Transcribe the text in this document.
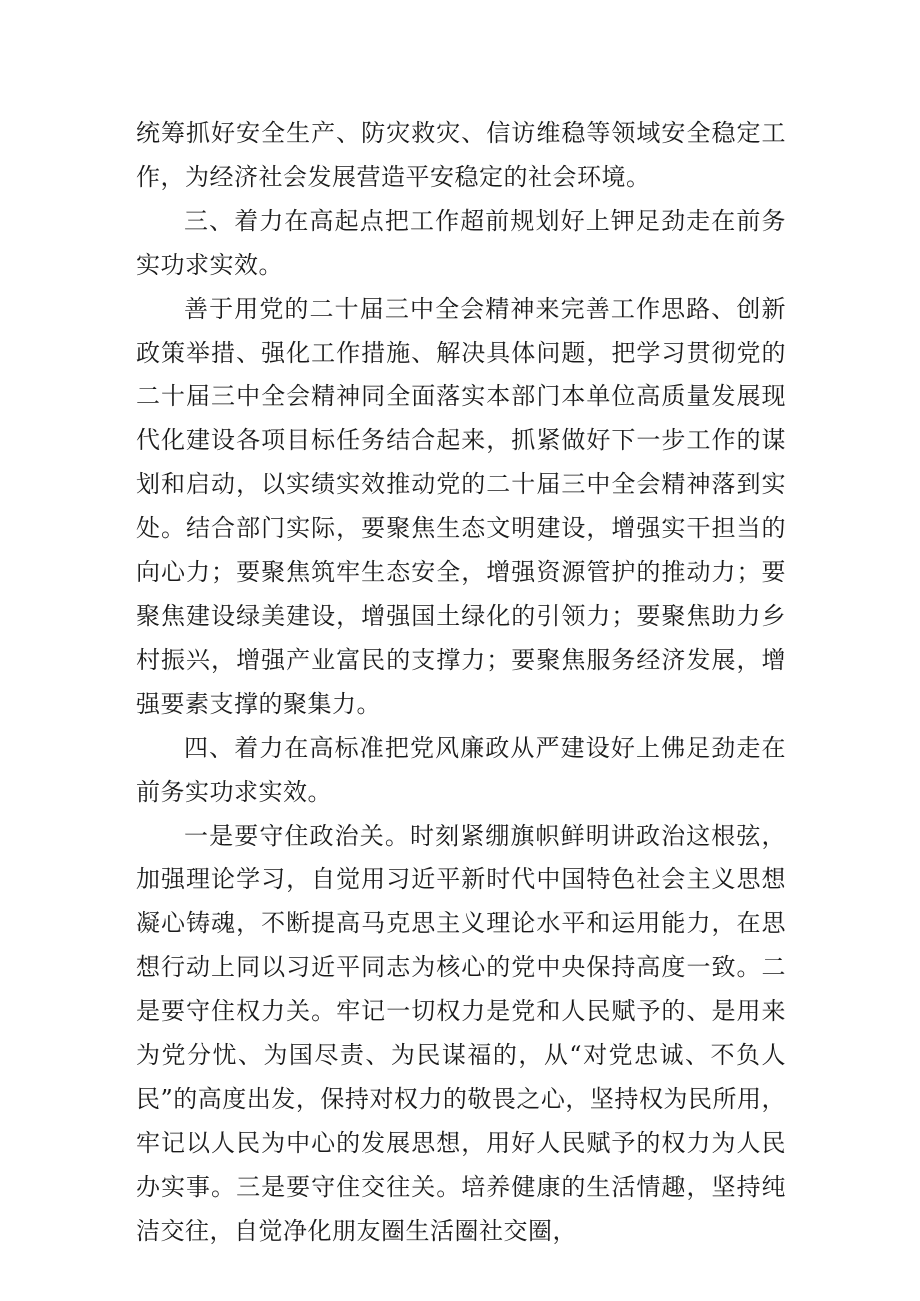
统筹抓好安全生产、防灾救灾、信访维稳等领域安全稳定工作，为经济社会发展营造平安稳定的社会环境。

三、着力在高起点把工作超前规划好上钾足劲走在前务实功求实效。

善于用党的二十届三中全会精神来完善工作思路、创新政策举措、强化工作措施、解决具体问题，把学习贯彻党的二十届三中全会精神同全面落实本部门本单位高质量发展现代化建设各项目标任务结合起来，抓紧做好下一步工作的谋划和启动，以实绩实效推动党的二十届三中全会精神落到实处。结合部门实际，要聚焦生态文明建设，增强实干担当的向心力；要聚焦筑牢生态安全，增强资源管护的推动力；要聚焦建设绿美建设，增强国土绿化的引领力；要聚焦助力乡村振兴，增强产业富民的支撑力；要聚焦服务经济发展，增强要素支撑的聚集力。

四、着力在高标准把党风廉政从严建设好上佛足劲走在前务实功求实效。

一是要守住政治关。时刻紧绷旗帜鲜明讲政治这根弦，加强理论学习，自觉用习近平新时代中国特色社会主义思想凝心铸魂，不断提高马克思主义理论水平和运用能力，在思想行动上同以习近平同志为核心的党中央保持高度一致。二是要守住权力关。牢记一切权力是党和人民赋予的、是用来为党分忧、为国尽责、为民谋福的，从“对党忠诚、不负人民”的高度出发，保持对权力的敬畏之心，坚持权为民所用，牢记以人民为中心的发展思想，用好人民赋予的权力为人民办实事。三是要守住交往关。培养健康的生活情趣，坚持纯洁交往，自觉净化朋友圈生活圈社交圈，
